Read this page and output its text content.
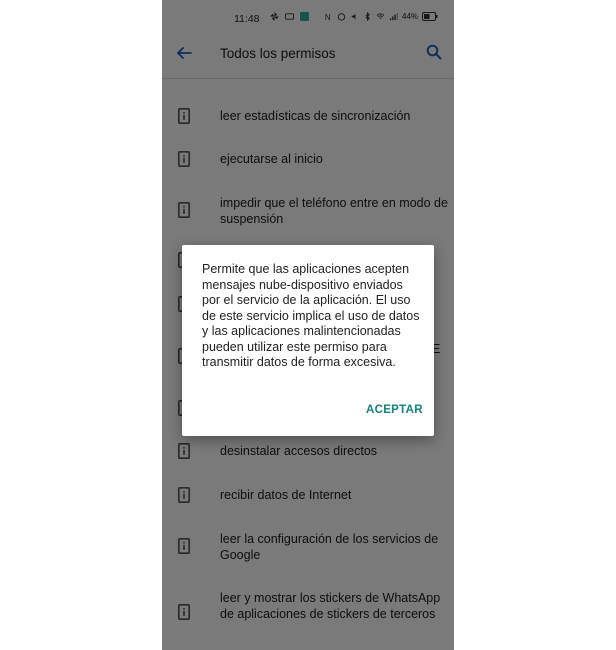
Permite que las aplicaciones acepten mensajes nube-dispositivo enviados por el servicio de la aplicación. El uso de este servicio implica el uso de datos y las aplicaciones malintencionadas pueden utilizar este permiso para transmitir datos de forma excesiva.
ACEPTAR
